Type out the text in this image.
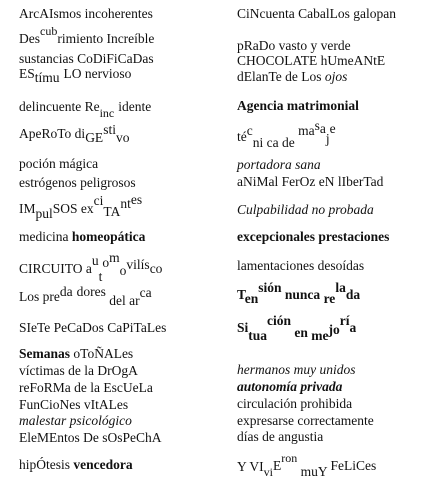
ArcAIsmos incoherentes
Descubrimiento Increíble
sustancias CoDiFiCaDas
EStímu LO nervioso
delincuente Reinc idente
ApeRoTo diGEstivo
poción mágica
estrógenos peligrosos
IMpulSOS exciTAntes
medicina homeopática
CIRCUITO automovilísco
Los preda dores del arca
SIeTe PeCaDos CaPiTaLes
Semanas oToÑALes
víctimas de la DrOgA
reFoRMa de la EscUeLa
FunCioNes vItALes
malestar psicológico
EleMEntos De sOsPeChA
hipÓtesis vencedora
CiNcuenta CabalLos galopan
pRaDo vasto y verde
CHOCOLATE hUmeANtE
dElanTe de Los ojos
Agencia matrimonial
técni ca de masaje
portadora sana
aNiMal FerOz eN lIberTad
Culpabilidad no probada
excepcionales prestaciones
lamentaciones desoídas
Tensión nunca relada
Situación en mejoría
hermanos muy unidos
autonomía privada
circulación prohibida
expresarse correctamente
días de angustia
Y VIviEron muY FeLiCes
